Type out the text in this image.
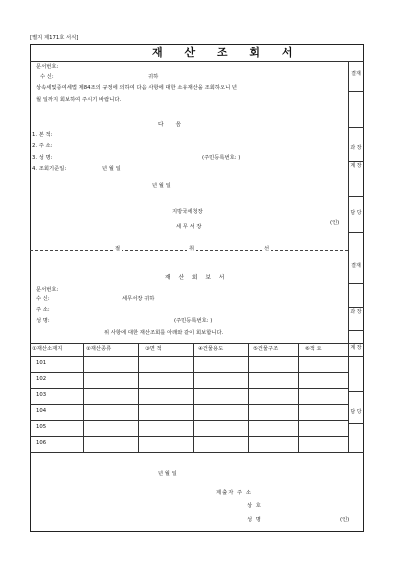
[별지 제171호 서식]
결재
과 장
계 장
담 당
결재
과 장
계 장
담 당
재 산 조 회 서
문서번호:
수 신:	귀하
상속세및증여세법 제84조의 규정에 의하여 다음 사항에 대한 소유재산을 조회하오니 년
월 일까지 회보하여 주시기 바랍니다.
다 음
1. 본 적:
2. 주 소:
3. 성 명:	(주민등록번호: )
4. 조회기준일:	년 월 일
년 월 일
지방국세청장
세 무 서 장
(인)
절	취	선
재 산 회 보 서
문서번호:
수 신:	세무서장 귀하
주 소:
성 명:	(주민등록번호: )
위 사항에 대한 재산조회를 아래와 같이 회보합니다.
①재산소재지	②재산종류	③면 적	④건물용도	⑤건물구조	⑥적 요
101
102
103
104
105
106
년 월 일
제출자 주 소
상 호
성 명	(인)
